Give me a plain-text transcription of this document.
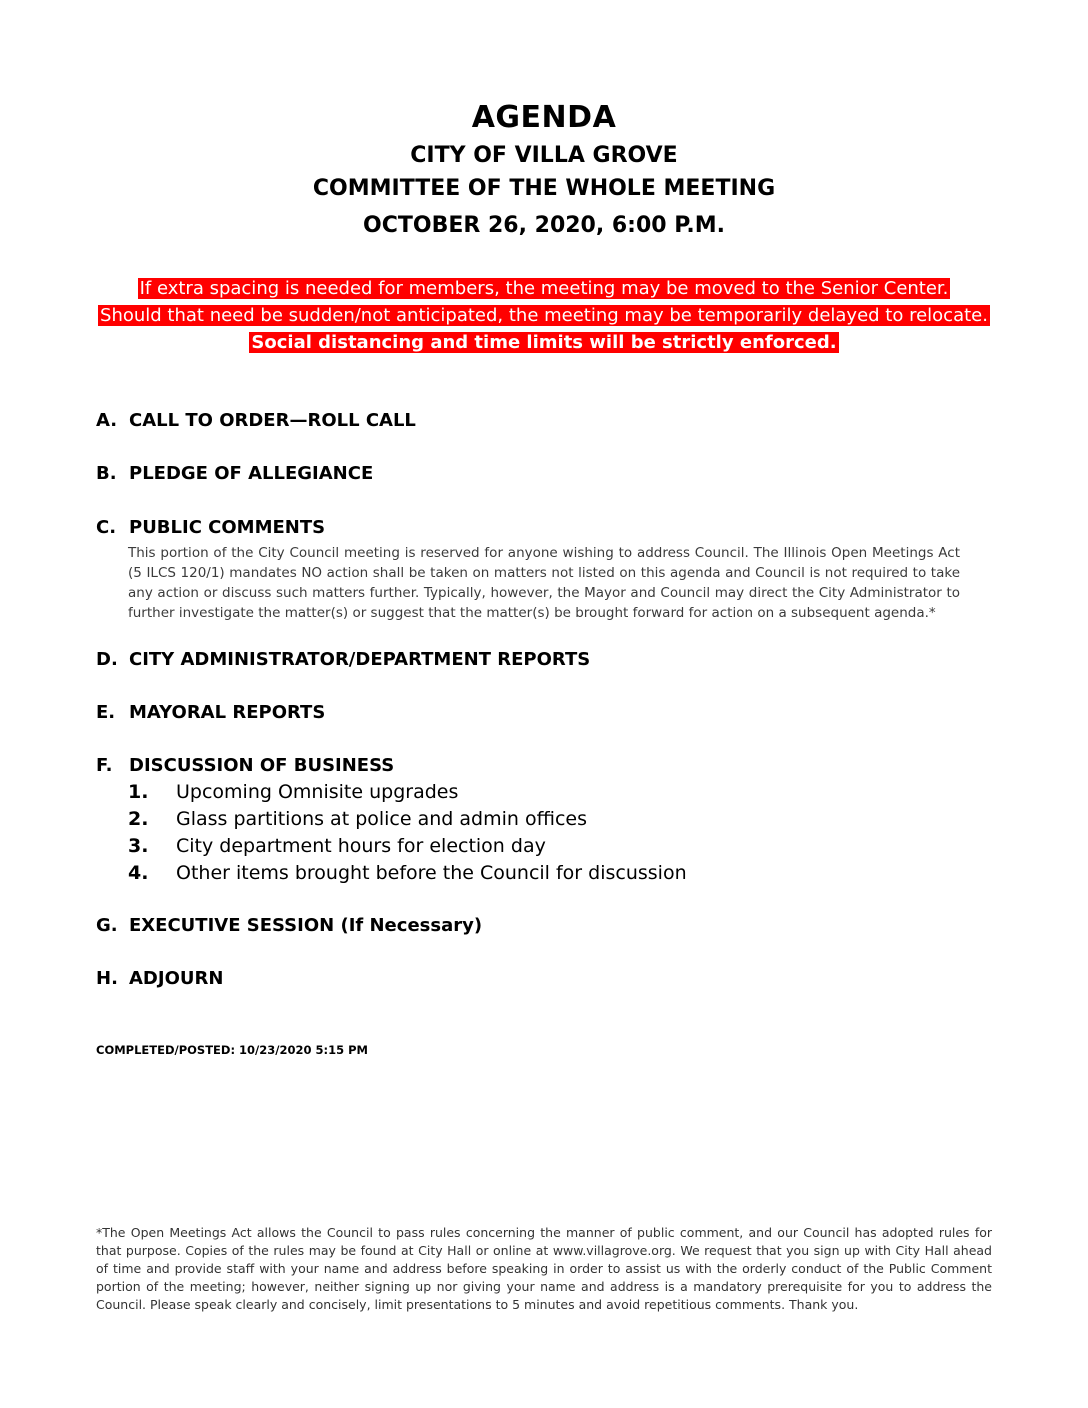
AGENDA
CITY OF VILLA GROVE
COMMITTEE OF THE WHOLE MEETING
OCTOBER 26, 2020, 6:00 P.M.
If extra spacing is needed for members, the meeting may be moved to the Senior Center.
Should that need be sudden/not anticipated, the meeting may be temporarily delayed to relocate.
Social distancing and time limits will be strictly enforced.
A. CALL TO ORDER—ROLL CALL
B. PLEDGE OF ALLEGIANCE
C. PUBLIC COMMENTS
This portion of the City Council meeting is reserved for anyone wishing to address Council. The Illinois Open Meetings Act (5 ILCS 120/1) mandates NO action shall be taken on matters not listed on this agenda and Council is not required to take any action or discuss such matters further. Typically, however, the Mayor and Council may direct the City Administrator to further investigate the matter(s) or suggest that the matter(s) be brought forward for action on a subsequent agenda.*
D. CITY ADMINISTRATOR/DEPARTMENT REPORTS
E. MAYORAL REPORTS
F. DISCUSSION OF BUSINESS
1. Upcoming Omnisite upgrades
2. Glass partitions at police and admin offices
3. City department hours for election day
4. Other items brought before the Council for discussion
G. EXECUTIVE SESSION (If Necessary)
H. ADJOURN
COMPLETED/POSTED: 10/23/2020 5:15 PM
*The Open Meetings Act allows the Council to pass rules concerning the manner of public comment, and our Council has adopted rules for that purpose. Copies of the rules may be found at City Hall or online at www.villagrove.org. We request that you sign up with City Hall ahead of time and provide staff with your name and address before speaking in order to assist us with the orderly conduct of the Public Comment portion of the meeting; however, neither signing up nor giving your name and address is a mandatory prerequisite for you to address the Council. Please speak clearly and concisely, limit presentations to 5 minutes and avoid repetitious comments. Thank you.
